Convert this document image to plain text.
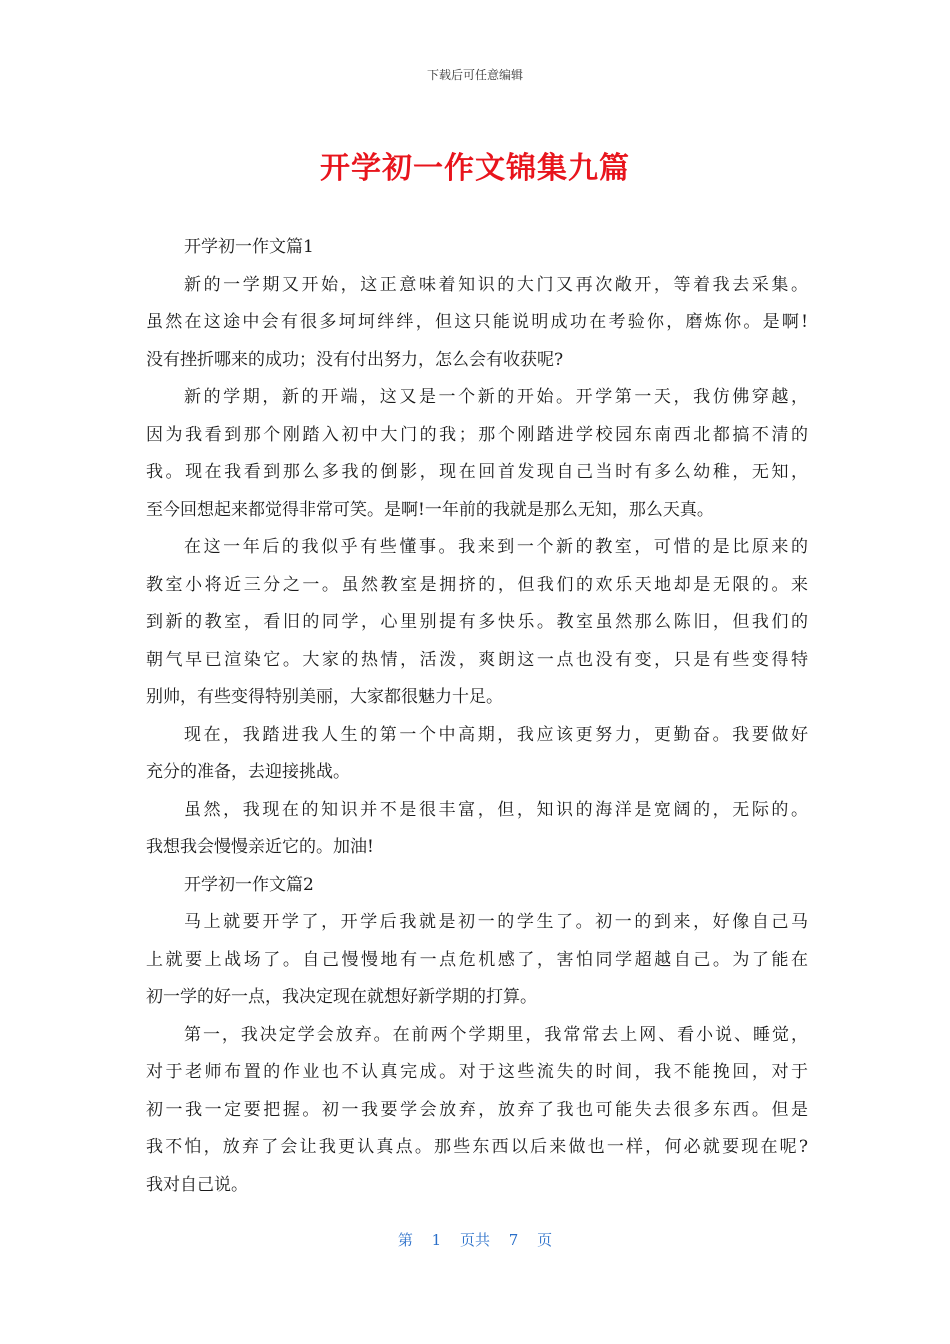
下载后可任意编辑
开学初一作文锦集九篇
开学初一作文篇1
新的一学期又开始，这正意味着知识的大门又再次敞开，等着我去采集。
虽然在这途中会有很多坷坷绊绊，但这只能说明成功在考验你，磨炼你。是啊!
没有挫折哪来的成功；没有付出努力，怎么会有收获呢?
新的学期，新的开端，这又是一个新的开始。开学第一天，我仿佛穿越，
因为我看到那个刚踏入初中大门的我；那个刚踏进学校园东南西北都搞不清的
我。现在我看到那么多我的倒影，现在回首发现自己当时有多么幼稚，无知，
至今回想起来都觉得非常可笑。是啊!一年前的我就是那么无知，那么天真。
在这一年后的我似乎有些懂事。我来到一个新的教室，可惜的是比原来的
教室小将近三分之一。虽然教室是拥挤的，但我们的欢乐天地却是无限的。来
到新的教室，看旧的同学，心里别提有多快乐。教室虽然那么陈旧，但我们的
朝气早已渲染它。大家的热情，活泼，爽朗这一点也没有变，只是有些变得特
别帅，有些变得特别美丽，大家都很魅力十足。
现在，我踏进我人生的第一个中高期，我应该更努力，更勤奋。我要做好
充分的准备，去迎接挑战。
虽然，我现在的知识并不是很丰富，但，知识的海洋是宽阔的，无际的。
我想我会慢慢亲近它的。加油!
开学初一作文篇2
马上就要开学了，开学后我就是初一的学生了。初一的到来，好像自己马
上就要上战场了。自己慢慢地有一点危机感了，害怕同学超越自己。为了能在
初一学的好一点，我决定现在就想好新学期的打算。
第一，我决定学会放弃。在前两个学期里，我常常去上网、看小说、睡觉，
对于老师布置的作业也不认真完成。对于这些流失的时间，我不能挽回，对于
初一我一定要把握。初一我要学会放弃，放弃了我也可能失去很多东西。但是
我不怕，放弃了会让我更认真点。那些东西以后来做也一样，何必就要现在呢?
我对自己说。
第 1 页共 7 页
